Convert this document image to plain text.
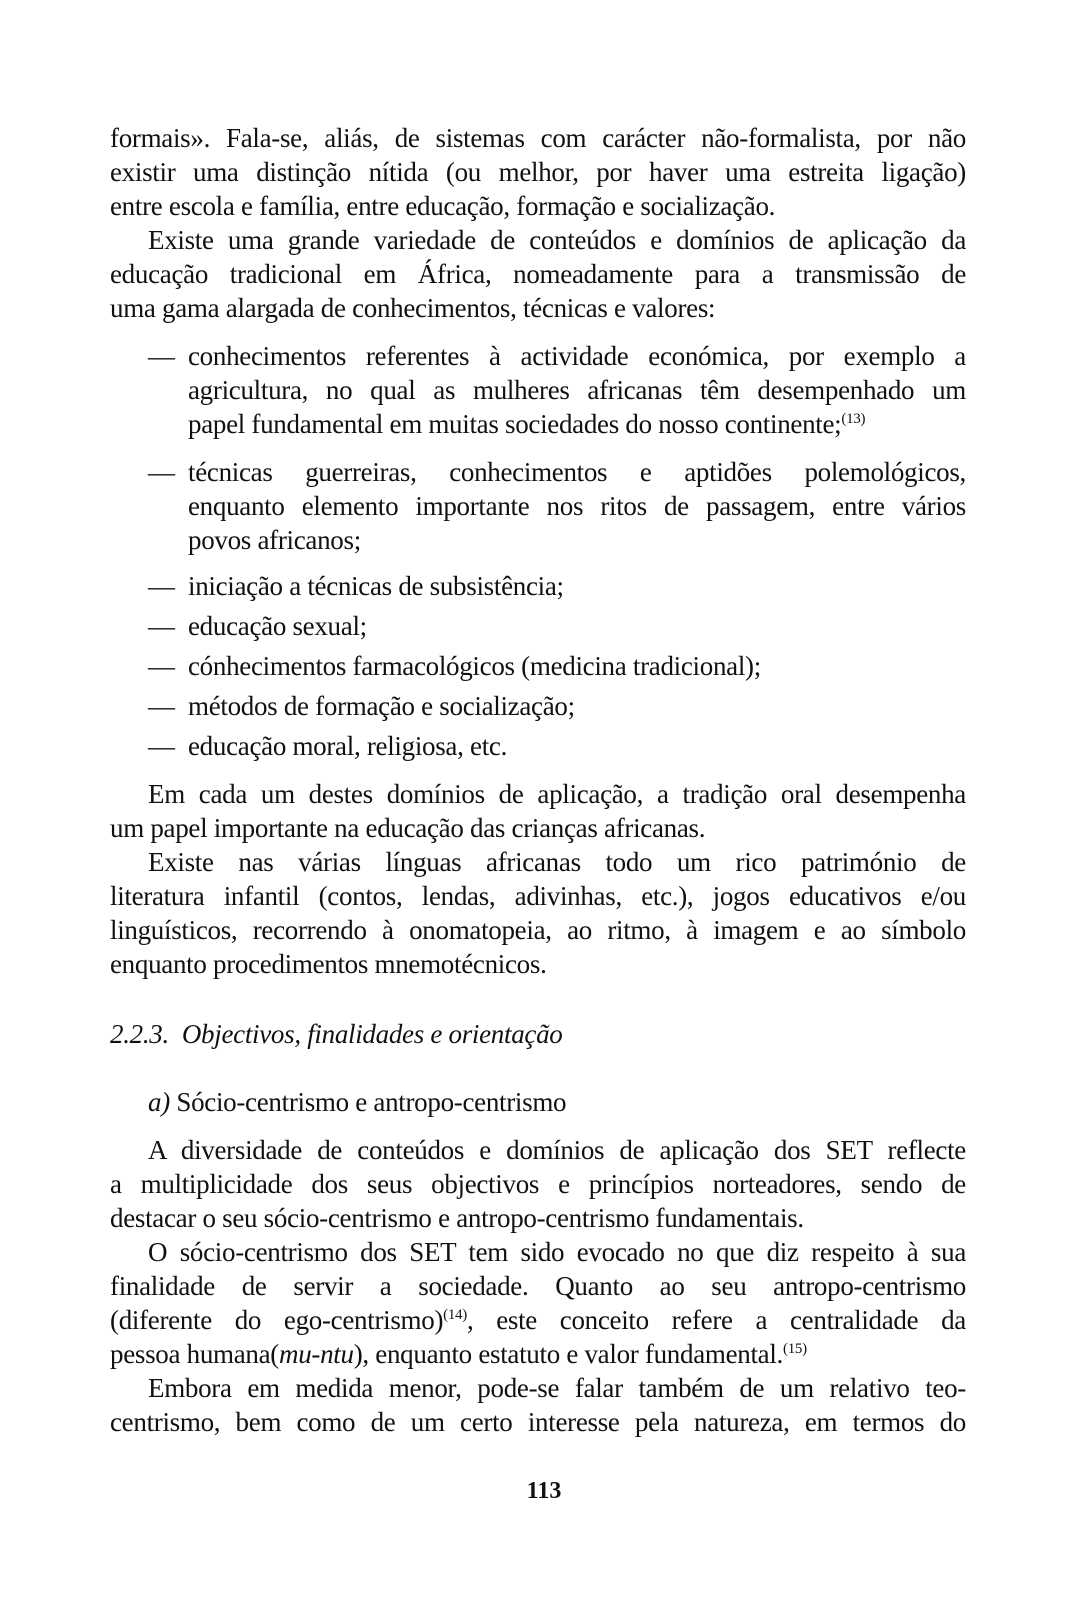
formais». Fala-se, aliás, de sistemas com carácter não-formalista, por não
existir uma distinção nítida (ou melhor, por haver uma estreita ligação)
entre escola e família, entre educação, formação e socialização.
Existe uma grande variedade de conteúdos e domínios de aplicação da
educação tradicional em África, nomeadamente para a transmissão de
uma gama alargada de conhecimentos, técnicas e valores:
— conhecimentos referentes à actividade económica, por exemplo a
agricultura, no qual as mulheres africanas têm desempenhado um
papel fundamental em muitas sociedades do nosso continente;$^{(13)}$
— técnicas guerreiras, conhecimentos e aptidões polemológicos,
enquanto elemento importante nos ritos de passagem, entre vários
povos africanos;
— iniciação a técnicas de subsistência;
— educação sexual;
— cónhecimentos farmacológicos (medicina tradicional);
— métodos de formação e socialização;
— educação moral, religiosa, etc.
Em cada um destes domínios de aplicação, a tradição oral desempenha
um papel importante na educação das crianças africanas.
Existe nas várias línguas africanas todo um rico património de
literatura infantil (contos, lendas, adivinhas, etc.), jogos educativos e/ou
linguísticos, recorrendo à onomatopeia, ao ritmo, à imagem e ao símbolo
enquanto procedimentos mnemotécnicos.
2.2.3. Objectivos, finalidades e orientação
a) Sócio-centrismo e antropo-centrismo
A diversidade de conteúdos e domínios de aplicação dos SET reflecte
a multiplicidade dos seus objectivos e princípios norteadores, sendo de
destacar o seu sócio-centrismo e antropo-centrismo fundamentais.
O sócio-centrismo dos SET tem sido evocado no que diz respeito à sua
finalidade de servir a sociedade. Quanto ao seu antropo-centrismo
(diferente do ego-centrismo)$^{(14)}$, este conceito refere a centralidade da
pessoa humana(mu-ntu), enquanto estatuto e valor fundamental.$^{(15)}$
Embora em medida menor, pode-se falar também de um relativo teo-
centrismo, bem como de um certo interesse pela natureza, em termos do
113
